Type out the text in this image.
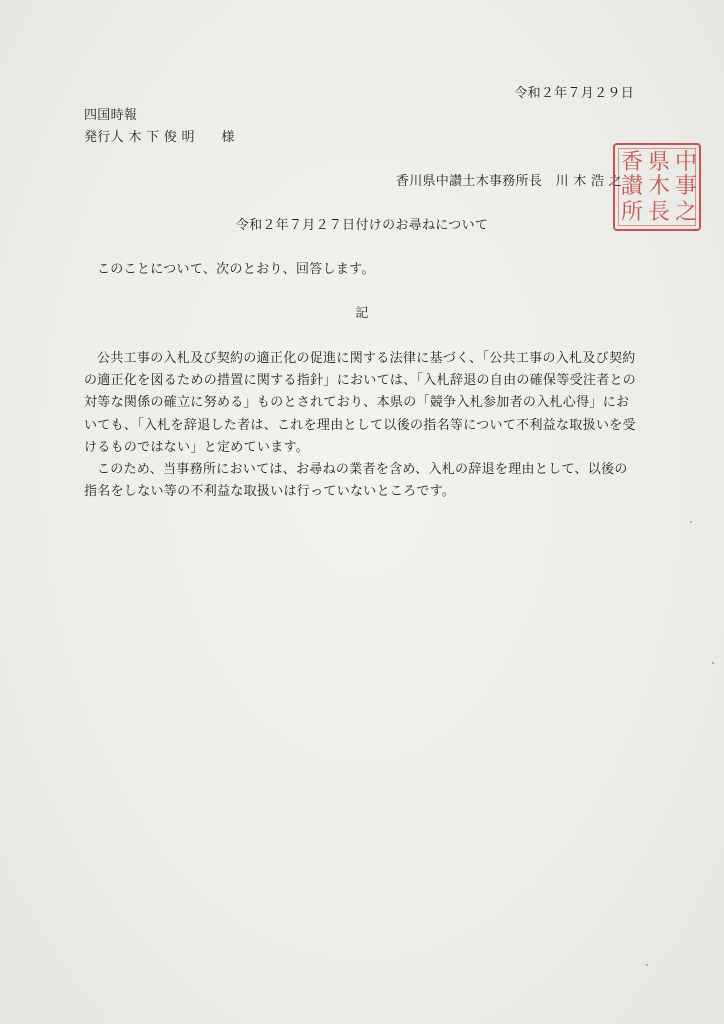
令和２年７月２９日
四国時報
発行人 木 下 俊 明　　様
香川県中讃土木事務所長　川 木 浩 之
中
事
之
県
木
長
香
讃
所
令和２年７月２７日付けのお尋ねについて
このことについて、次のとおり、回答します。
記

公共工事の入札及び契約の適正化の促進に関する法律に基づく、「公共工事の入札及び契約の適正化を図るための措置に関する指針」においては、「入札辞退の自由の確保等受注者との対等な関係の確立に努める」ものとされており、本県の「競争入札参加者の入札心得」においても、「入札を辞退した者は、これを理由として以後の指名等について不利益な取扱いを受けるものではない」と定めています。

このため、当事務所においては、お尋ねの業者を含め、入札の辞退を理由として、以後の指名をしない等の不利益な取扱いは行っていないところです。
